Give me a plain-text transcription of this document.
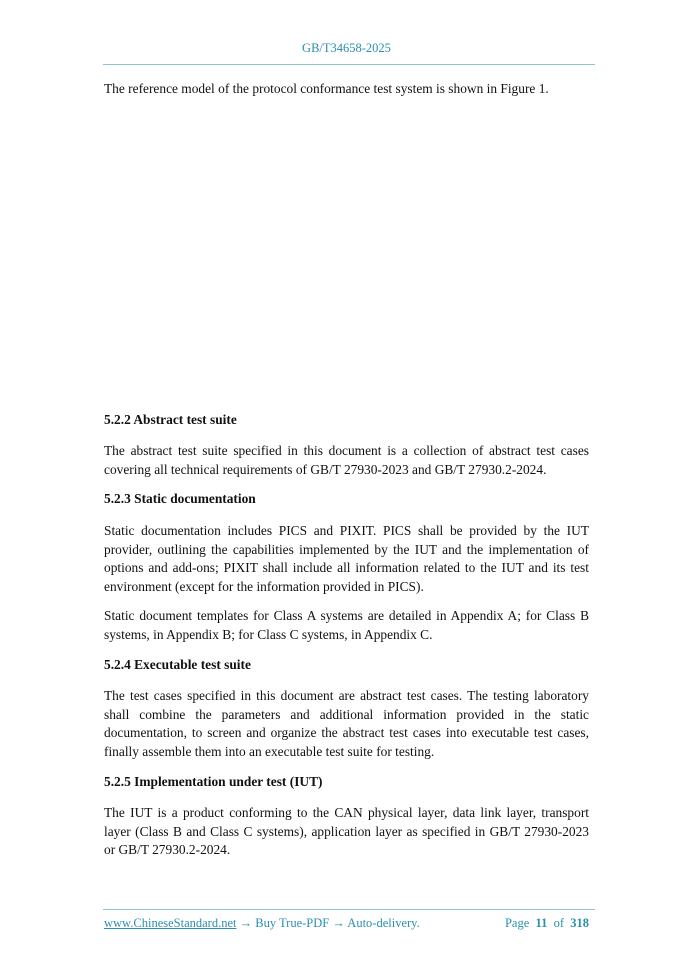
GB/T34658-2025

The reference model of the protocol conformance test system is shown in Figure 1.

5.2.2 Abstract test suite

The abstract test suite specified in this document is a collection of abstract test cases covering all technical requirements of GB/T 27930-2023 and GB/T 27930.2-2024.

5.2.3 Static documentation

Static documentation includes PICS and PIXIT. PICS shall be provided by the IUT provider, outlining the capabilities implemented by the IUT and the implementation of options and add-ons; PIXIT shall include all information related to the IUT and its test environment (except for the information provided in PICS).

Static document templates for Class A systems are detailed in Appendix A; for Class B systems, in Appendix B; for Class C systems, in Appendix C.

5.2.4 Executable test suite

The test cases specified in this document are abstract test cases. The testing laboratory shall combine the parameters and additional information provided in the static documentation, to screen and organize the abstract test cases into executable test cases, finally assemble them into an executable test suite for testing.

5.2.5 Implementation under test (IUT)

The IUT is a product conforming to the CAN physical layer, data link layer, transport layer (Class B and Class C systems), application layer as specified in GB/T 27930-2023 or GB/T 27930.2-2024.

www.ChineseStandard.net → Buy True-PDF → Auto-delivery.	Page 11 of 318
